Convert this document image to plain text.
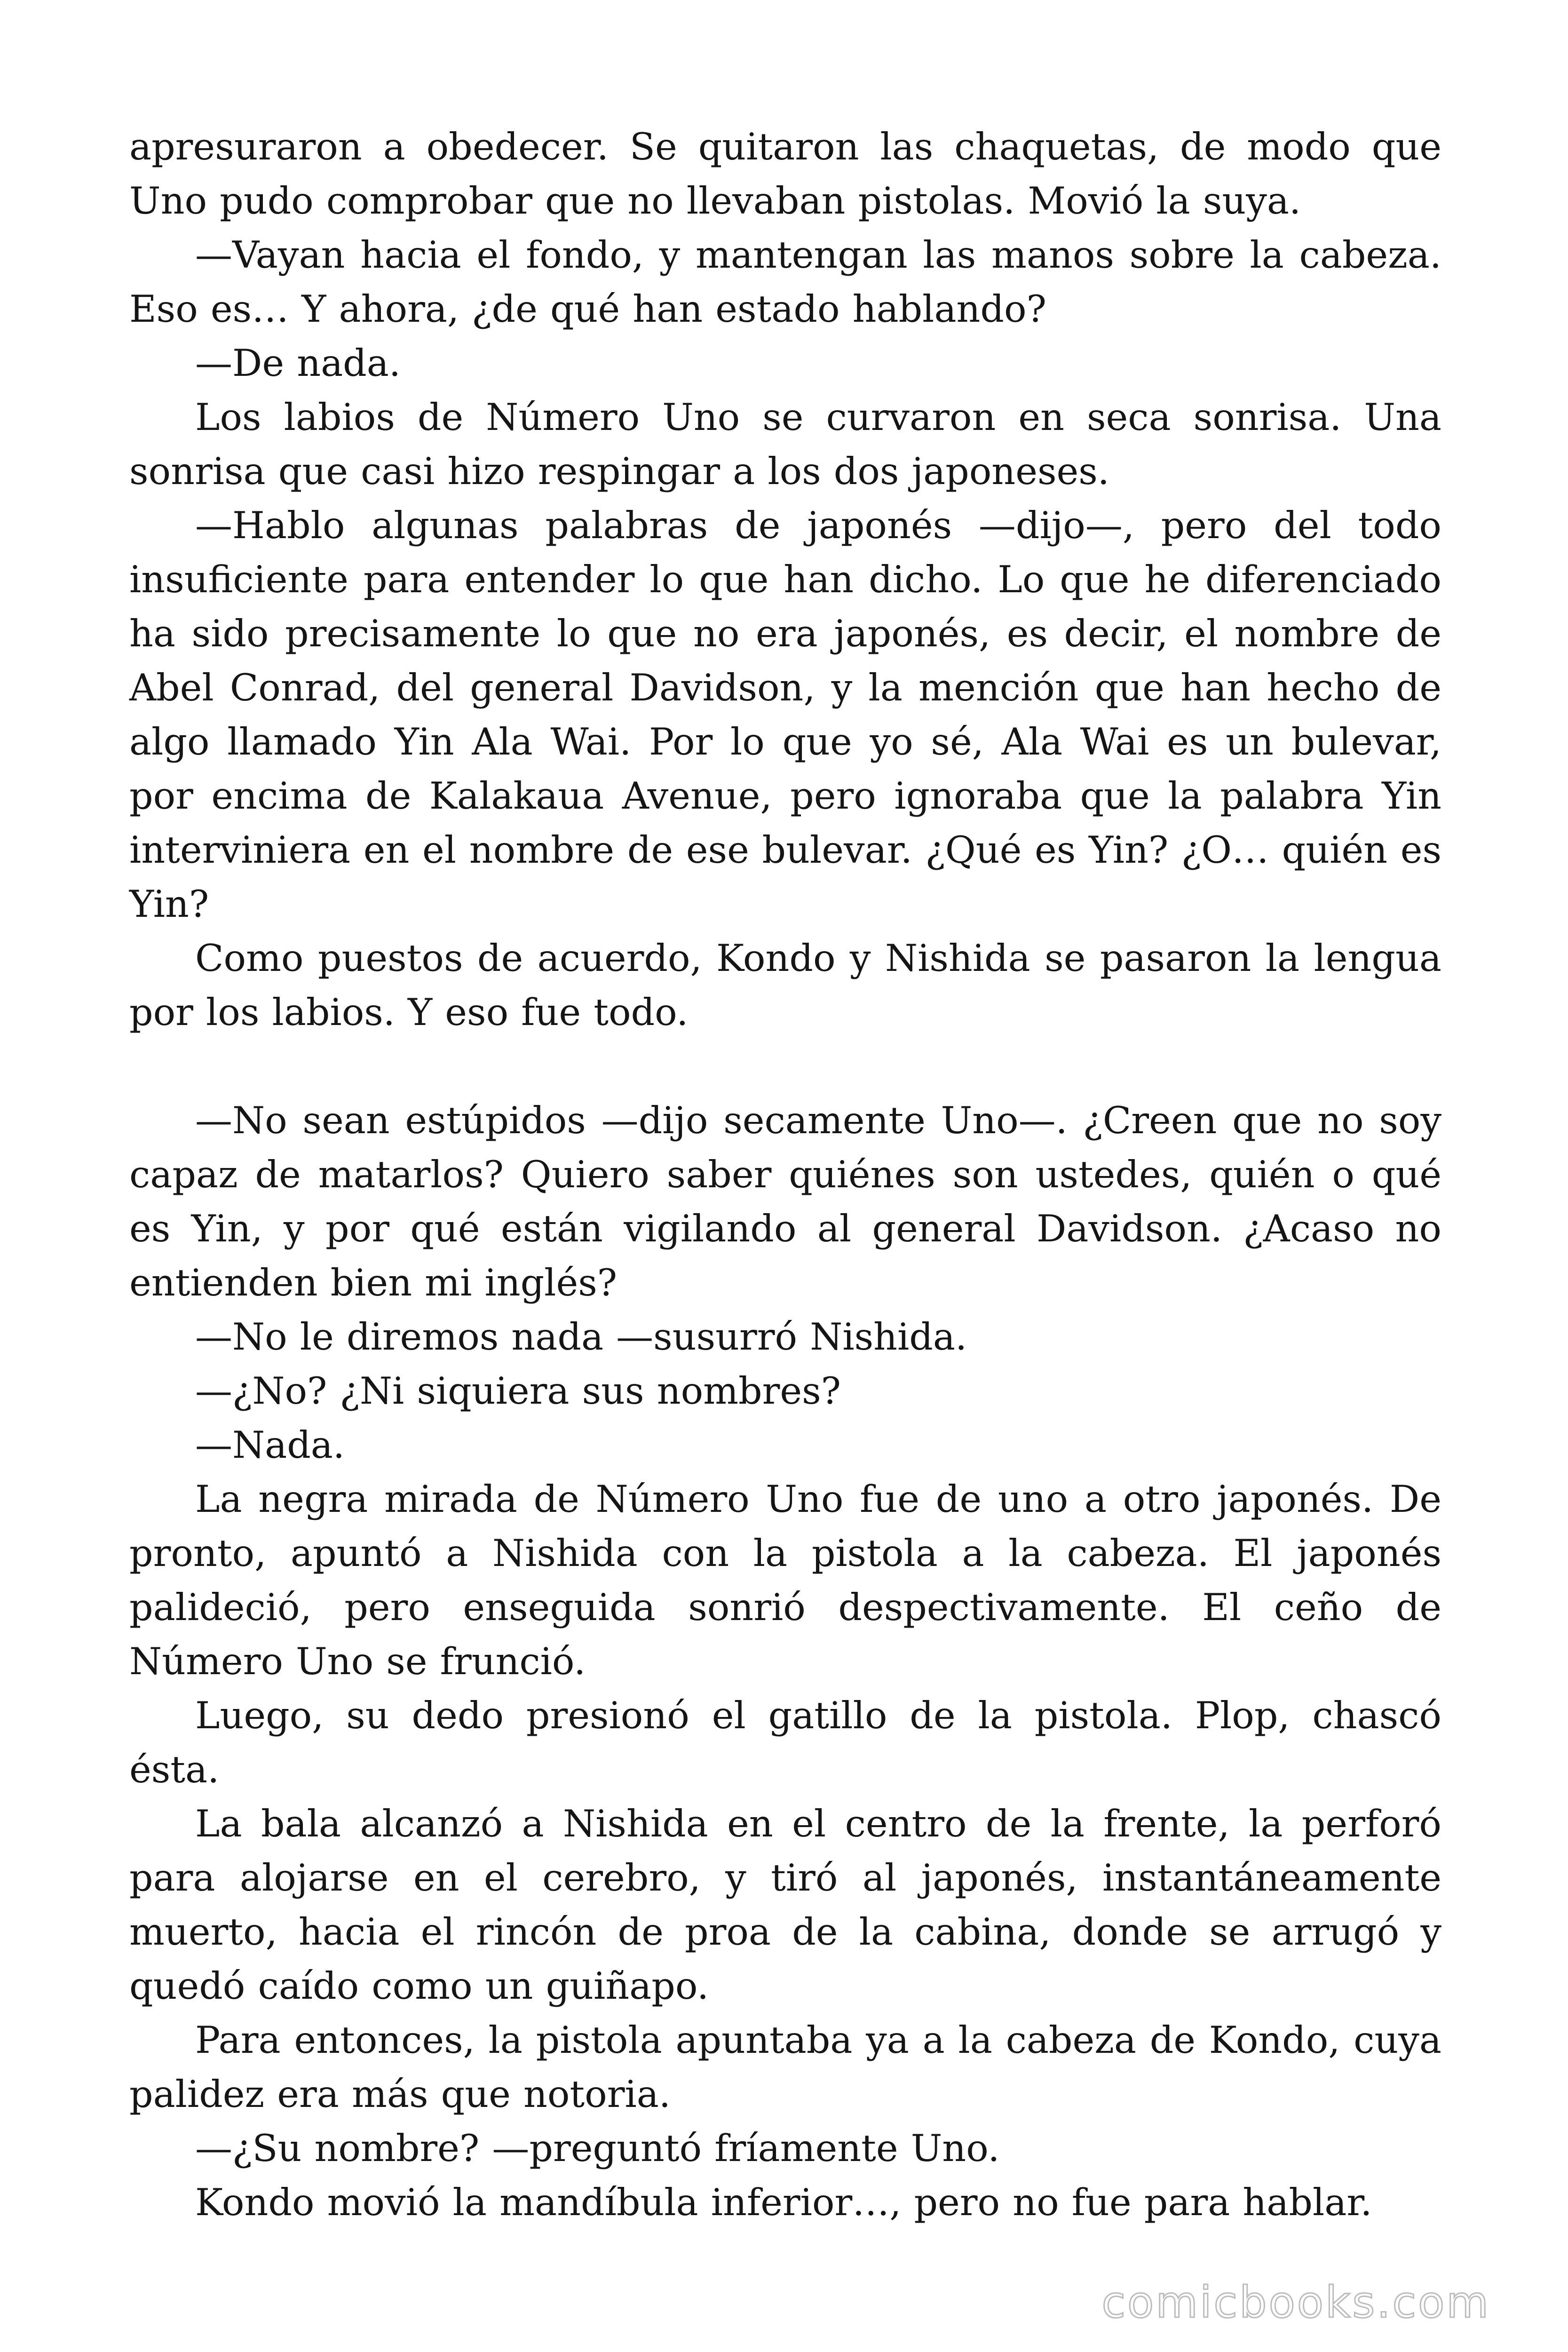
apresuraron a obedecer. Se quitaron las chaquetas, de modo que Uno pudo comprobar que no llevaban pistolas. Movió la suya.

—Vayan hacia el fondo, y mantengan las manos sobre la cabeza. Eso es… Y ahora, ¿de qué han estado hablando?

—De nada.

Los labios de Número Uno se curvaron en seca sonrisa. Una sonrisa que casi hizo respingar a los dos japoneses.

—Hablo algunas palabras de japonés —dijo—, pero del todo insuficiente para entender lo que han dicho. Lo que he diferenciado ha sido precisamente lo que no era japonés, es decir, el nombre de Abel Conrad, del general Davidson, y la mención que han hecho de algo llamado Yin Ala Wai. Por lo que yo sé, Ala Wai es un bulevar, por encima de Kalakaua Avenue, pero ignoraba que la palabra Yin interviniera en el nombre de ese bulevar. ¿Qué es Yin? ¿O… quién es Yin?

Como puestos de acuerdo, Kondo y Nishida se pasaron la lengua por los labios. Y eso fue todo.

—No sean estúpidos —dijo secamente Uno—. ¿Creen que no soy capaz de matarlos? Quiero saber quiénes son ustedes, quién o qué es Yin, y por qué están vigilando al general Davidson. ¿Acaso no entienden bien mi inglés?

—No le diremos nada —susurró Nishida.

—¿No? ¿Ni siquiera sus nombres?

—Nada.

La negra mirada de Número Uno fue de uno a otro japonés. De pronto, apuntó a Nishida con la pistola a la cabeza. El japonés palideció, pero enseguida sonrió despectivamente. El ceño de Número Uno se frunció.

Luego, su dedo presionó el gatillo de la pistola. Plop, chascó ésta.

La bala alcanzó a Nishida en el centro de la frente, la perforó para alojarse en el cerebro, y tiró al japonés, instantáneamente muerto, hacia el rincón de proa de la cabina, donde se arrugó y quedó caído como un guiñapo.

Para entonces, la pistola apuntaba ya a la cabeza de Kondo, cuya palidez era más que notoria.

—¿Su nombre? —preguntó fríamente Uno.

Kondo movió la mandíbula inferior…, pero no fue para hablar.

comicbooks.com
